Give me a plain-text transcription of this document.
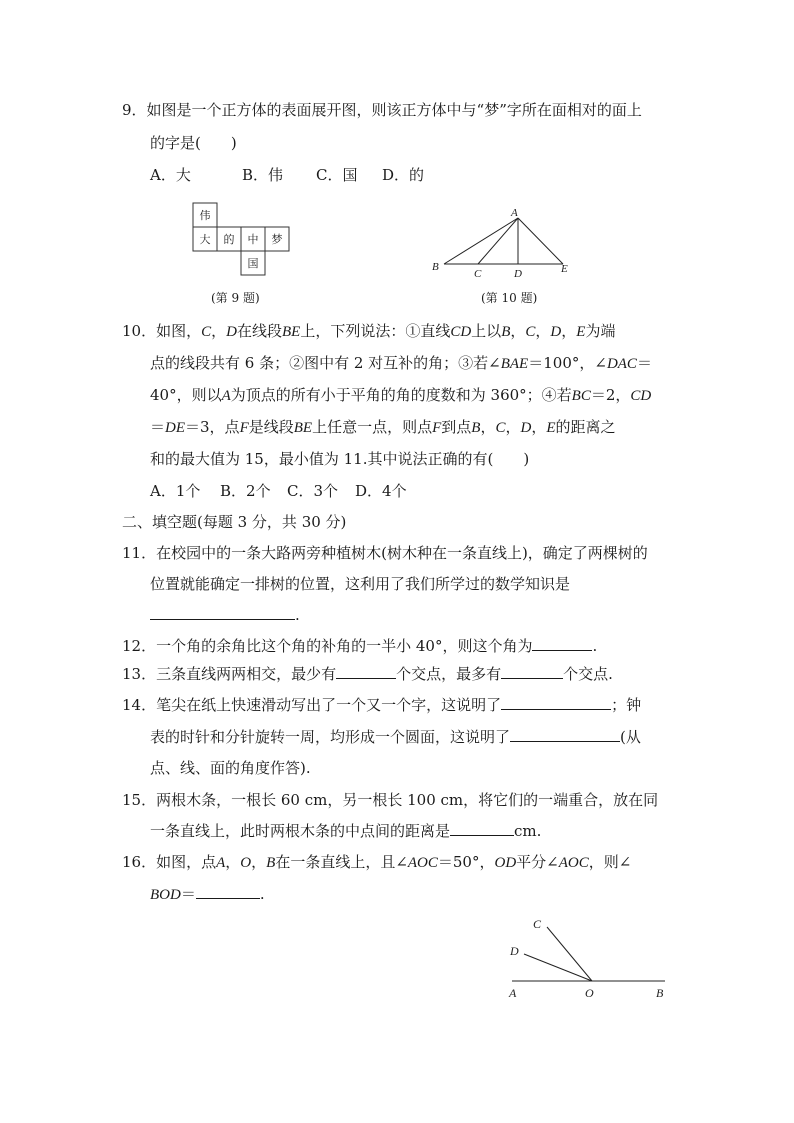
9．如图是一个正方体的表面展开图，则该正方体中与“梦”字所在面相对的面上
的字是(　　)
A．大	B．伟 C．国 D．的
伟
大 的 中 梦
国
(第 9 题)
A
B
C	D	E
(第 10 题)
10．如图，C，D在线段BE上，下列说法：①直线CD上以B，C，D，E为端
点的线段共有 6 条；②图中有 2 对互补的角；③若∠BAE＝100°，∠DAC＝
40°，则以A为顶点的所有小于平角的角的度数和为 360°；④若BC＝2，CD
＝DE＝3，点F是线段BE上任意一点，则点F到点B，C，D，E的距离之
和的最大值为 15，最小值为 11.其中说法正确的有(　　)
A．1个 B．2个 C．3个 D．4个
二、填空题(每题 3 分，共 30 分)
11．在校园中的一条大路两旁种植树木(树木种在一条直线上)，确定了两棵树的
位置就能确定一排树的位置，这利用了我们所学过的数学知识是
.
12．一个角的余角比这个角的补角的一半小 40°，则这个角为	.
13．三条直线两两相交，最少有	个交点，最多有	个交点.
14．笔尖在纸上快速滑动写出了一个又一个字，这说明了	；钟
表的时针和分针旋转一周，均形成一个圆面，这说明了	(从
点、线、面的角度作答).
15．两根木条，一根长 60 cm，另一根长 100 cm，将它们的一端重合，放在同
一条直线上，此时两根木条的中点间的距离是	cm.
16．如图，点A，O，B在一条直线上，且∠AOC＝50°，OD平分∠AOC，则∠
BOD＝	.
C
D
A	O	B
